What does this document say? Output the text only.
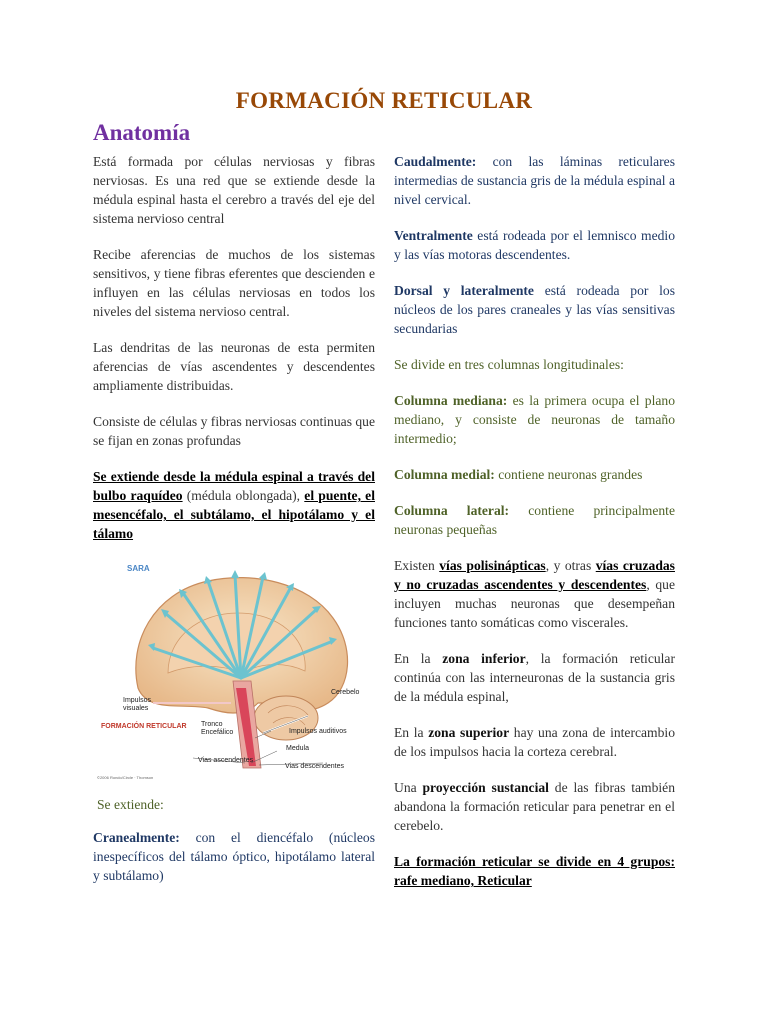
FORMACIÓN RETICULAR
Anatomía

Está formada por células nerviosas y fibras nerviosas. Es una red que se extiende desde la médula espinal hasta el cerebro a través del eje del sistema nervioso central

Recibe aferencias de muchos de los sistemas sensitivos, y tiene fibras eferentes que descienden e influyen en las células nerviosas en todos los niveles del sistema nervioso central.

Las dendritas de las neuronas de esta permiten aferencias de vías ascendentes y descendentes ampliamente distribuidas.

Consiste de células y fibras nerviosas continuas que se fijan en zonas profundas

Se extiende desde la médula espinal a través del bulbo raquídeo (médula oblongada), el puente, el mesencéfalo, el subtálamo, el hipotálamo y el tálamo

SARA
Impulsos
visuales
FORMACIÓN RETICULAR	Tronco
Encefálico
Cerebelo
Impulsos auditivos
Medula
Vias ascendentes
Vias descendentes
©2006 Rondo/Circle · Thomson

Se extiende:

Cranealmente: con el diencéfalo (núcleos inespecíficos del tálamo óptico, hipotálamo lateral y subtálamo)

Caudalmente: con las láminas reticulares intermedias de sustancia gris de la médula espinal a nivel cervical.

Ventralmente está rodeada por el lemnisco medio y las vías motoras descendentes.

Dorsal y lateralmente está rodeada por los núcleos de los pares craneales y las vías sensitivas secundarias

Se divide en tres columnas longitudinales:

Columna mediana: es la primera ocupa el plano mediano, y consiste de neuronas de tamaño intermedio;

Columna medial: contiene neuronas grandes

Columna lateral: contiene principalmente neuronas pequeñas

Existen vías polisinápticas, y otras vías cruzadas y no cruzadas ascendentes y descendentes, que incluyen muchas neuronas que desempeñan funciones tanto somáticas como viscerales.

En la zona inferior, la formación reticular continúa con las interneuronas de la sustancia gris de la médula espinal,

En la zona superior hay una zona de intercambio de los impulsos hacia la corteza cerebral.

Una proyección sustancial de las fibras también abandona la formación reticular para penetrar en el cerebelo.

La formación reticular se divide en 4 grupos: rafe mediano, Reticular
